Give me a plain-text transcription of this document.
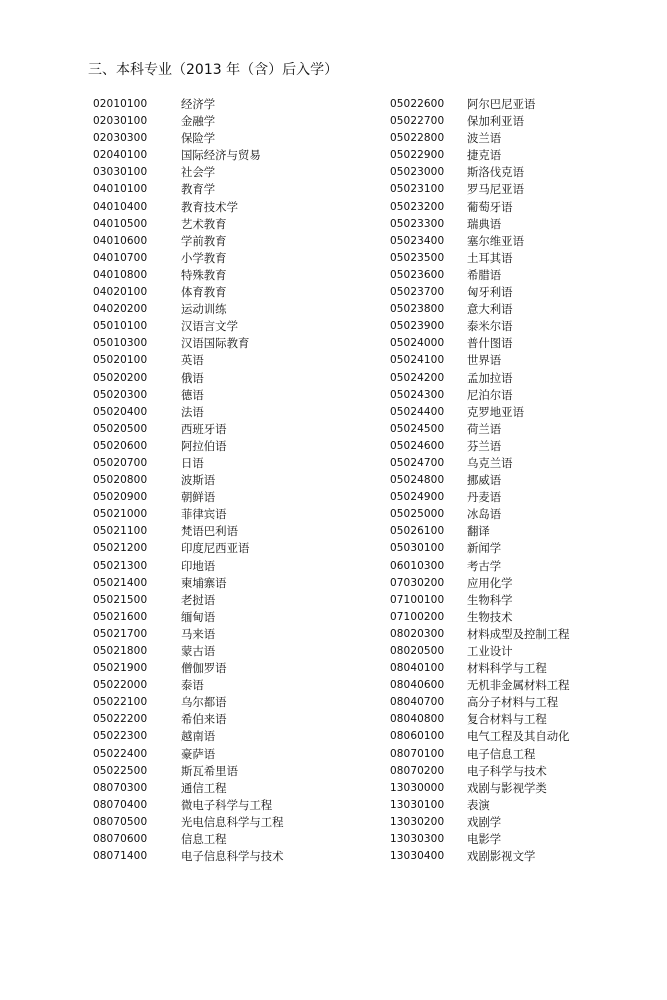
三、本科专业（2013 年（含）后入学）
02010100	经济学
02030100	金融学
02030300	保险学
02040100	国际经济与贸易
03030100	社会学
04010100	教育学
04010400	教育技术学
04010500	艺术教育
04010600	学前教育
04010700	小学教育
04010800	特殊教育
04020100	体育教育
04020200	运动训练
05010100	汉语言文学
05010300	汉语国际教育
05020100	英语
05020200	俄语
05020300	德语
05020400	法语
05020500	西班牙语
05020600	阿拉伯语
05020700	日语
05020800	波斯语
05020900	朝鲜语
05021000	菲律宾语
05021100	梵语巴利语
05021200	印度尼西亚语
05021300	印地语
05021400	柬埔寨语
05021500	老挝语
05021600	缅甸语
05021700	马来语
05021800	蒙古语
05021900	僧伽罗语
05022000	泰语
05022100	乌尔都语
05022200	希伯来语
05022300	越南语
05022400	豪萨语
05022500	斯瓦希里语
08070300	通信工程
08070400	微电子科学与工程
08070500	光电信息科学与工程
08070600	信息工程
08071400	电子信息科学与技术
05022600 阿尔巴尼亚语
05022700 保加利亚语
05022800 波兰语
05022900 捷克语
05023000 斯洛伐克语
05023100 罗马尼亚语
05023200 葡萄牙语
05023300 瑞典语
05023400 塞尔维亚语
05023500 土耳其语
05023600 希腊语
05023700 匈牙利语
05023800 意大利语
05023900 泰米尔语
05024000 普什图语
05024100 世界语
05024200 孟加拉语
05024300 尼泊尔语
05024400 克罗地亚语
05024500 荷兰语
05024600 芬兰语
05024700 乌克兰语
05024800 挪威语
05024900 丹麦语
05025000 冰岛语
05026100 翻译
05030100 新闻学
06010300 考古学
07030200 应用化学
07100100 生物科学
07100200 生物技术
08020300 材料成型及控制工程
08020500 工业设计
08040100 材料科学与工程
08040600 无机非金属材料工程
08040700 高分子材料与工程
08040800 复合材料与工程
08060100 电气工程及其自动化
08070100 电子信息工程
08070200 电子科学与技术
13030000 戏剧与影视学类
13030100 表演
13030200 戏剧学
13030300 电影学
13030400 戏剧影视文学
